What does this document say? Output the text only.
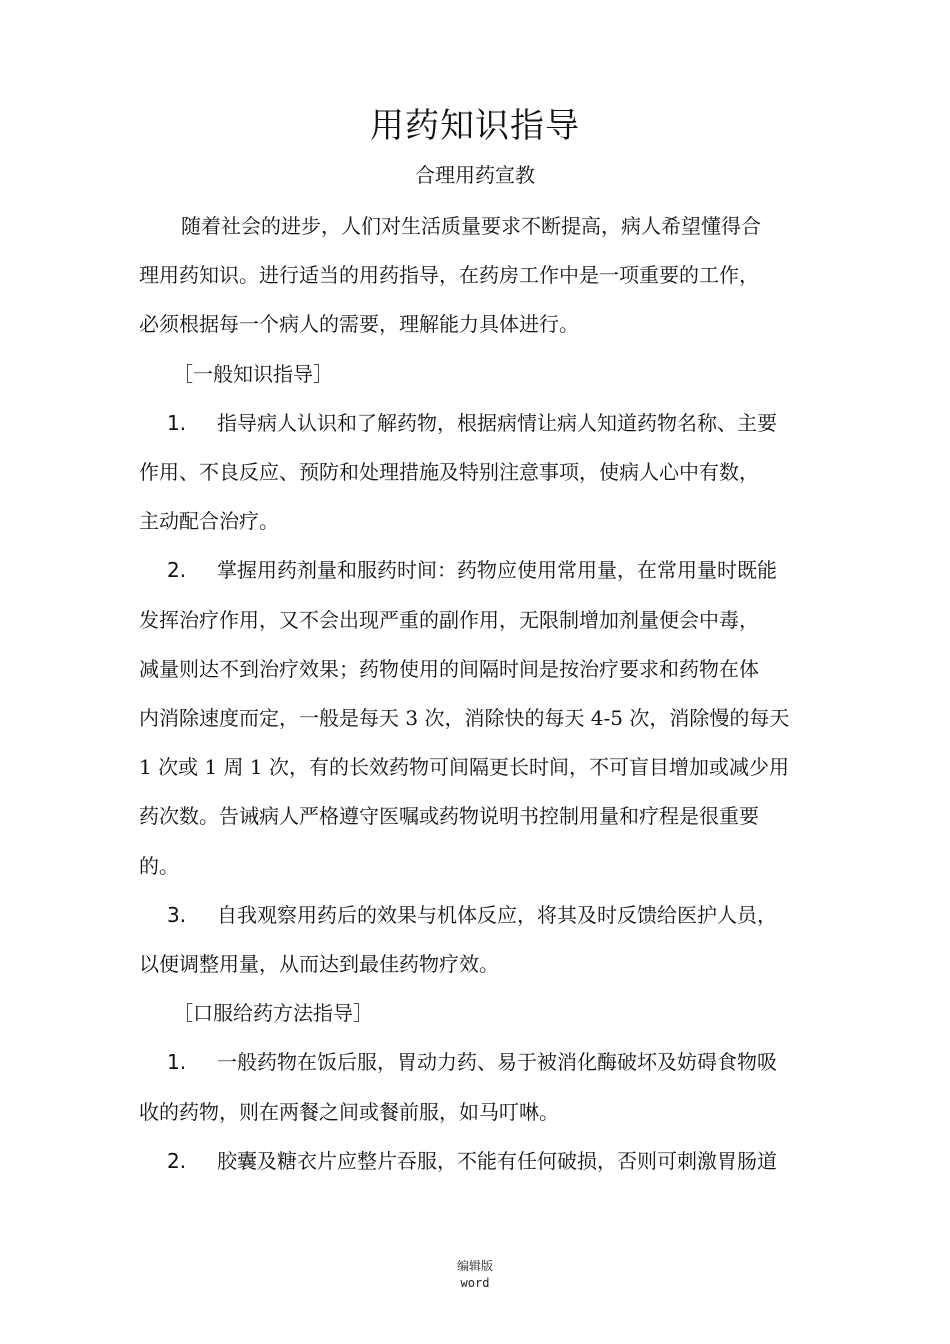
用药知识指导
合理用药宣教

随着社会的进步，人们对生活质量要求不断提高，病人希望懂得合

理用药知识。进行适当的用药指导，在药房工作中是一项重要的工作，

必须根据每一个病人的需要，理解能力具体进行。

［一般知识指导］

1. 指导病人认识和了解药物，根据病情让病人知道药物名称、主要

作用、不良反应、预防和处理措施及特别注意事项，使病人心中有数，

主动配合治疗。

2. 掌握用药剂量和服药时间：药物应使用常用量，在常用量时既能

发挥治疗作用，又不会出现严重的副作用，无限制增加剂量便会中毒，

减量则达不到治疗效果；药物使用的间隔时间是按治疗要求和药物在体

内消除速度而定，一般是每天 3 次，消除快的每天 4-5 次，消除慢的每天

1 次或 1 周 1 次，有的长效药物可间隔更长时间，不可盲目增加或减少用

药次数。告诫病人严格遵守医嘱或药物说明书控制用量和疗程是很重要

的。

3. 自我观察用药后的效果与机体反应，将其及时反馈给医护人员，

以便调整用量，从而达到最佳药物疗效。

［口服给药方法指导］

1. 一般药物在饭后服，胃动力药、易于被消化酶破坏及妨碍食物吸

收的药物，则在两餐之间或餐前服，如马叮啉。

2. 胶囊及糖衣片应整片吞服，不能有任何破损，否则可刺激胃肠道

编辑版
word
